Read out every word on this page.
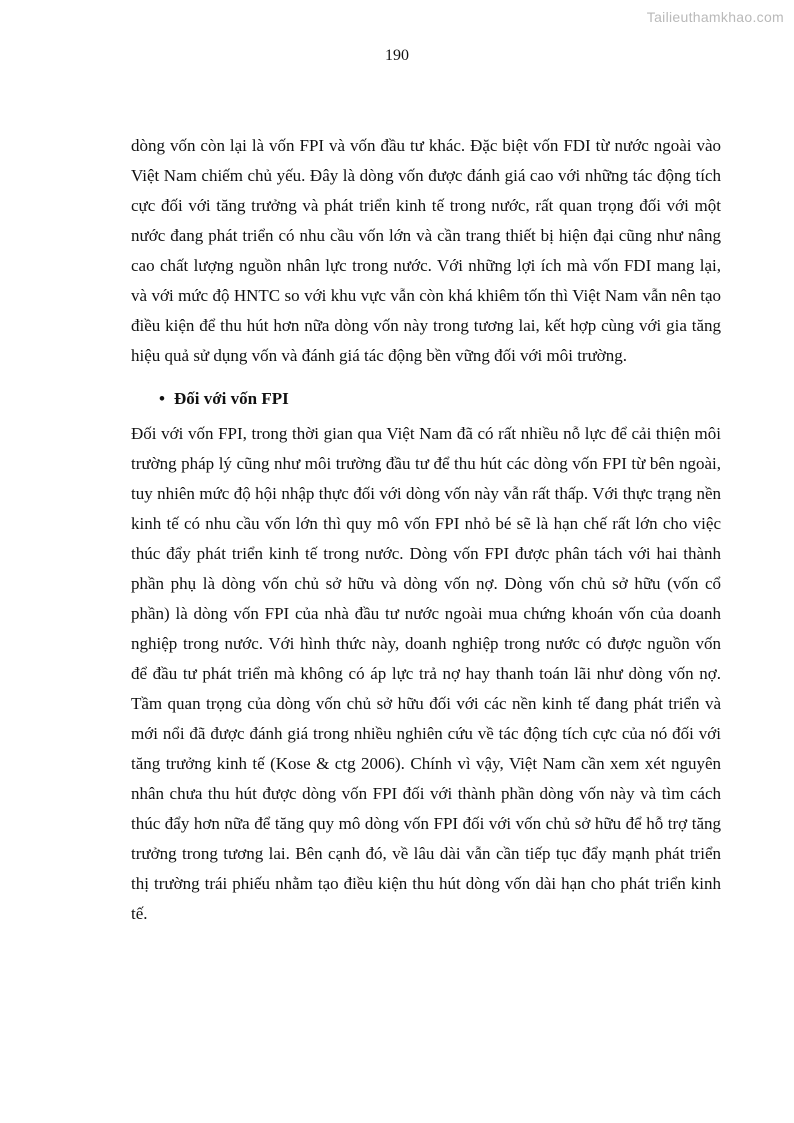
Tailieuthamkhao.com
190

dòng vốn còn lại là vốn FPI và vốn đầu tư khác. Đặc biệt vốn FDI từ nước ngoài vào Việt Nam chiếm chủ yếu. Đây là dòng vốn được đánh giá cao với những tác động tích cực đối với tăng trưởng và phát triển kinh tế trong nước, rất quan trọng đối với một nước đang phát triển có nhu cầu vốn lớn và cần trang thiết bị hiện đại cũng như nâng cao chất lượng nguồn nhân lực trong nước. Với những lợi ích mà vốn FDI mang lại, và với mức độ HNTC so với khu vực vẫn còn khá khiêm tốn thì Việt Nam vẫn nên tạo điều kiện để thu hút hơn nữa dòng vốn này trong tương lai, kết hợp cùng với gia tăng hiệu quả sử dụng vốn và đánh giá tác động bền vững đối với môi trường.

• Đối với vốn FPI

Đối với vốn FPI, trong thời gian qua Việt Nam đã có rất nhiều nỗ lực để cải thiện môi trường pháp lý cũng như môi trường đầu tư để thu hút các dòng vốn FPI từ bên ngoài, tuy nhiên mức độ hội nhập thực đối với dòng vốn này vẫn rất thấp. Với thực trạng nền kinh tế có nhu cầu vốn lớn thì quy mô vốn FPI nhỏ bé sẽ là hạn chế rất lớn cho việc thúc đẩy phát triển kinh tế trong nước. Dòng vốn FPI được phân tách với hai thành phần phụ là dòng vốn chủ sở hữu và dòng vốn nợ. Dòng vốn chủ sở hữu (vốn cổ phần) là dòng vốn FPI của nhà đầu tư nước ngoài mua chứng khoán vốn của doanh nghiệp trong nước. Với hình thức này, doanh nghiệp trong nước có được nguồn vốn để đầu tư phát triển mà không có áp lực trả nợ hay thanh toán lãi như dòng vốn nợ. Tầm quan trọng của dòng vốn chủ sở hữu đối với các nền kinh tế đang phát triển và mới nổi đã được đánh giá trong nhiều nghiên cứu về tác động tích cực của nó đối với tăng trưởng kinh tế (Kose & ctg 2006). Chính vì vậy, Việt Nam cần xem xét nguyên nhân chưa thu hút được dòng vốn FPI đối với thành phần dòng vốn này và tìm cách thúc đẩy hơn nữa để tăng quy mô dòng vốn FPI đối với vốn chủ sở hữu để hỗ trợ tăng trưởng trong tương lai. Bên cạnh đó, về lâu dài vẫn cần tiếp tục đẩy mạnh phát triển thị trường trái phiếu nhằm tạo điều kiện thu hút dòng vốn dài hạn cho phát triển kinh tế.
